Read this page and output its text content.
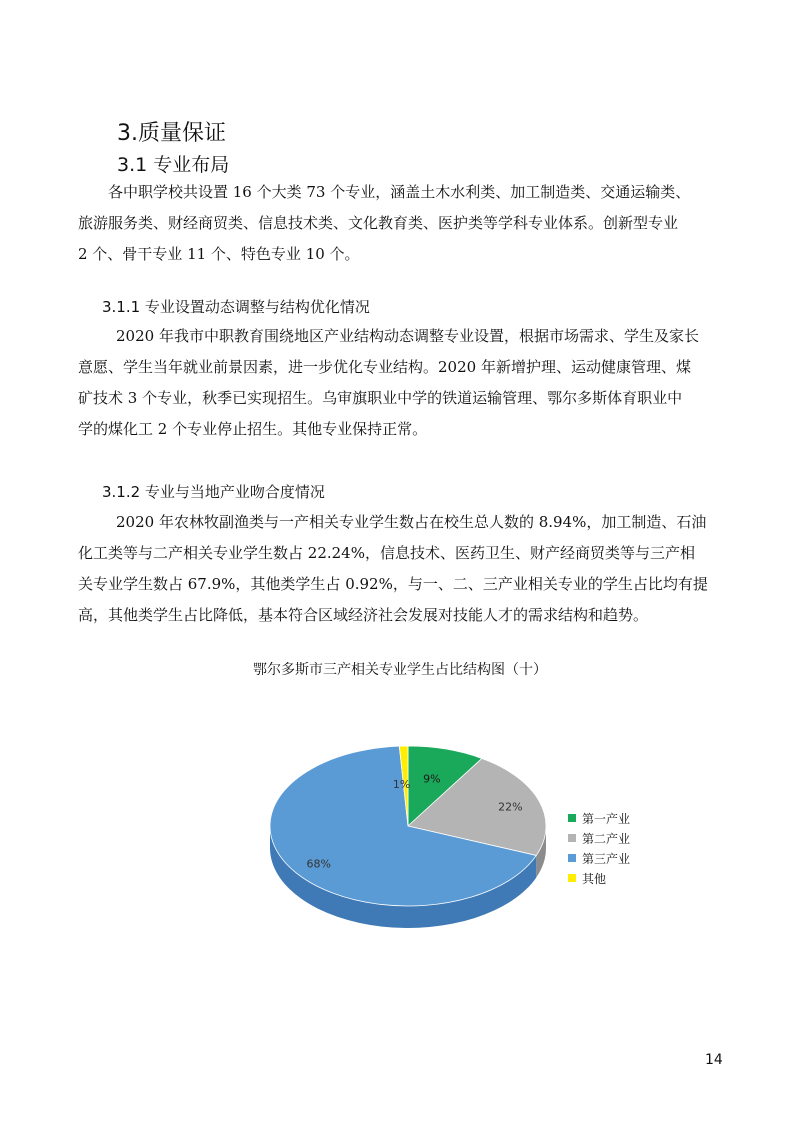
3.质量保证
3.1 专业布局
各中职学校共设置 16 个大类 73 个专业，涵盖土木水利类、加工制造类、交通运输类、
旅游服务类、财经商贸类、信息技术类、文化教育类、医护类等学科专业体系。创新型专业
2 个、骨干专业 11 个、特色专业 10 个。
3.1.1 专业设置动态调整与结构优化情况
2020 年我市中职教育围绕地区产业结构动态调整专业设置，根据市场需求、学生及家长
意愿、学生当年就业前景因素，进一步优化专业结构。2020 年新增护理、运动健康管理、煤
矿技术 3 个专业，秋季已实现招生。乌审旗职业中学的铁道运输管理、鄂尔多斯体育职业中
学的煤化工 2 个专业停止招生。其他专业保持正常。
3.1.2 专业与当地产业吻合度情况
2020 年农林牧副渔类与一产相关专业学生数占在校生总人数的 8.94%，加工制造、石油
化工类等与二产相关专业学生数占 22.24%，信息技术、医药卫生、财产经商贸类等与三产相
关专业学生数占 67.9%，其他类学生占 0.92%，与一、二、三产业相关专业的学生占比均有提
高，其他类学生占比降低，基本符合区域经济社会发展对技能人才的需求结构和趋势。
鄂尔多斯市三产相关专业学生占比结构图（十）
9%
22%
68%
1%
第一产业
第二产业
第三产业
其他
14
